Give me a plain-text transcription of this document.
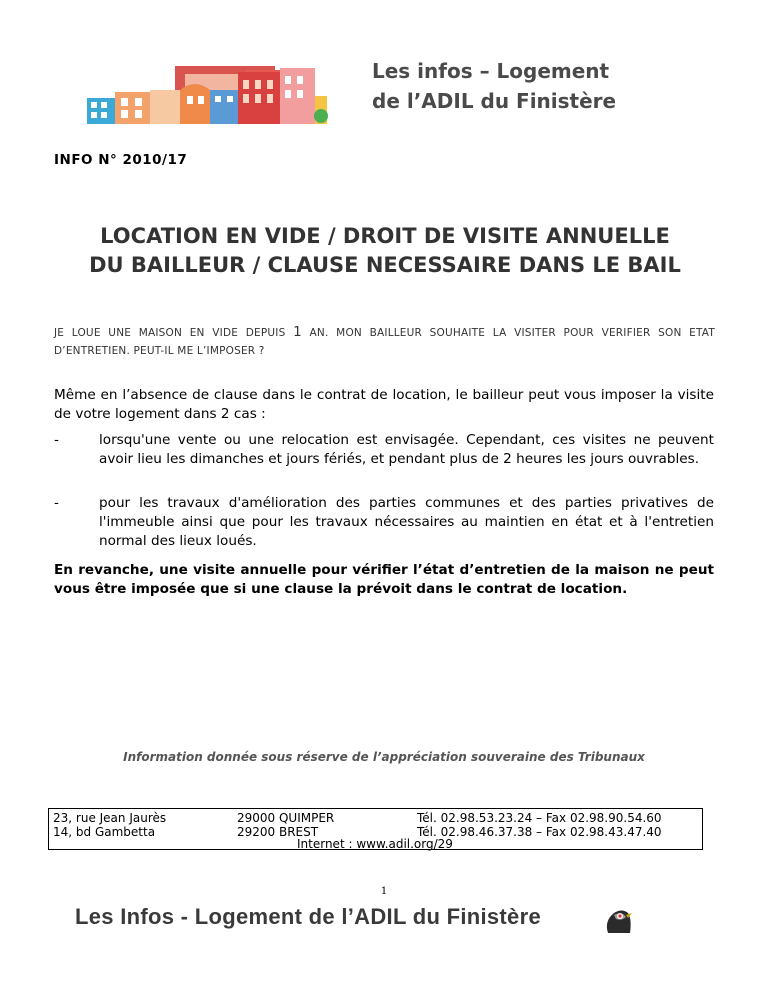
Les infos – Logement
de l’ADIL du Finistère
INFO N° 2010/17
LOCATION EN VIDE / DROIT DE VISITE ANNUELLE
DU BAILLEUR / CLAUSE NECESSAIRE DANS LE BAIL
JE LOUE UNE MAISON EN VIDE DEPUIS 1 AN. MON BAILLEUR SOUHAITE LA VISITER POUR VERIFIER SON ETAT D’ENTRETIEN. PEUT-IL ME L’IMPOSER ?
Même en l’absence de clause dans le contrat de location, le bailleur peut vous imposer la visite de votre logement dans 2 cas :
-	lorsqu'une vente ou une relocation est envisagée. Cependant, ces visites ne peuvent avoir lieu les dimanches et jours fériés, et pendant plus de 2 heures les jours ouvrables.
-	pour les travaux d'amélioration des parties communes et des parties privatives de l'immeuble ainsi que pour les travaux nécessaires au maintien en état et à l'entretien normal des lieux loués.
En revanche, une visite annuelle pour vérifier l’état d’entretien de la maison ne peut vous être imposée que si une clause la prévoit dans le contrat de location.
Information donnée sous réserve de l’appréciation souveraine des Tribunaux
23, rue Jean Jaurès	29000 QUIMPER	Tél. 02.98.53.23.24 – Fax 02.98.90.54.60
14, bd Gambetta	29200 BREST	Tél. 02.98.46.37.38 – Fax 02.98.43.47.40
Internet : www.adil.org/29
1
Les Infos - Logement de l’ADIL du Finistère
